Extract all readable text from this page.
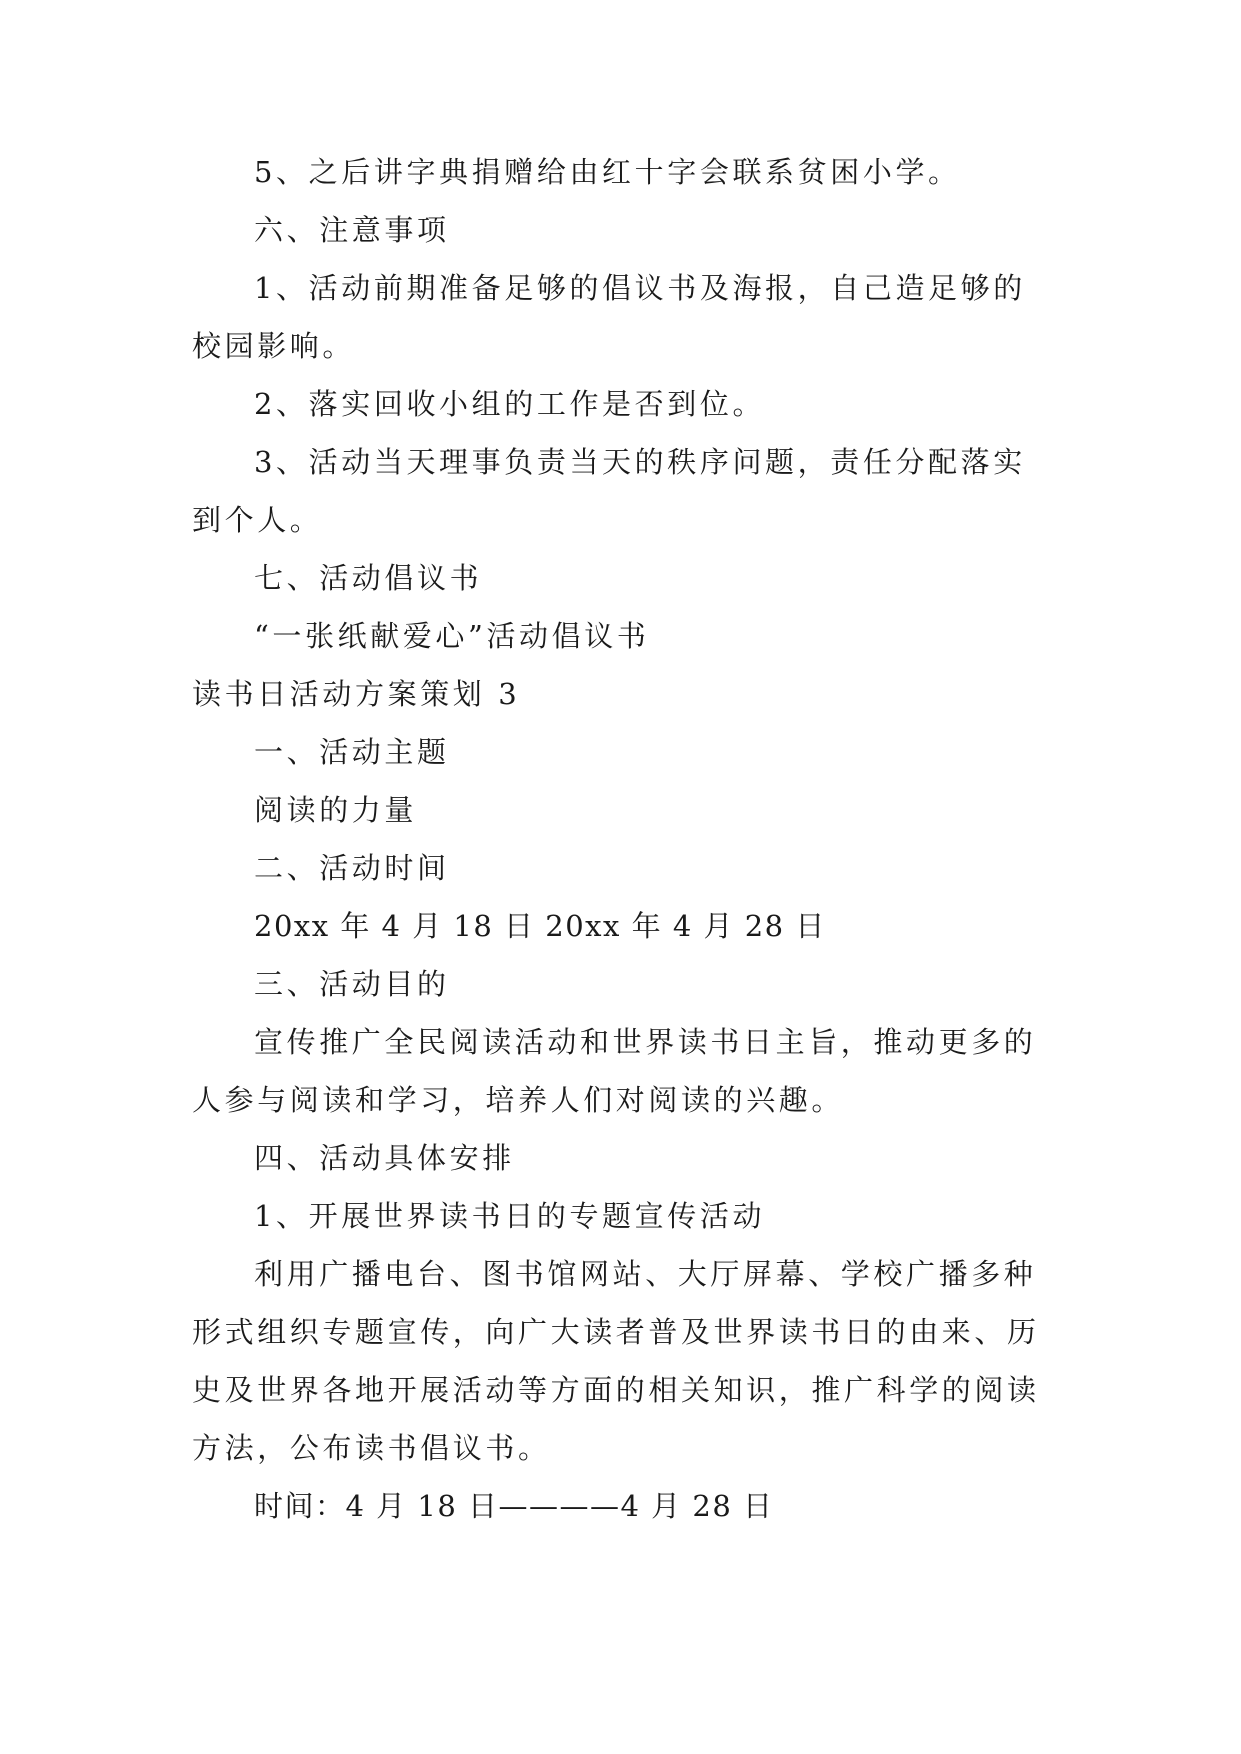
5、之后讲字典捐赠给由红十字会联系贫困小学。

六、注意事项

1、活动前期准备足够的倡议书及海报，自己造足够的

校园影响。

2、落实回收小组的工作是否到位。

3、活动当天理事负责当天的秩序问题，责任分配落实

到个人。

七、活动倡议书

“一张纸献爱心”活动倡议书

读书日活动方案策划 3

一、活动主题

阅读的力量

二、活动时间

20xx 年 4 月 18 日 20xx 年 4 月 28 日

三、活动目的

宣传推广全民阅读活动和世界读书日主旨，推动更多的

人参与阅读和学习，培养人们对阅读的兴趣。

四、活动具体安排

1、开展世界读书日的专题宣传活动

利用广播电台、图书馆网站、大厅屏幕、学校广播多种

形式组织专题宣传，向广大读者普及世界读书日的由来、历

史及世界各地开展活动等方面的相关知识，推广科学的阅读

方法，公布读书倡议书。

时间：4 月 18 日————4 月 28 日
